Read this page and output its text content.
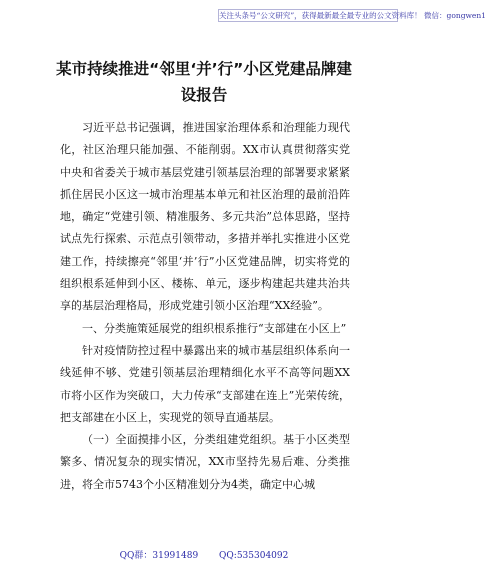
关注头条号“公文研究”，获得最新最全最专业的公文资料库！ 微信：gongwen1
某市持续推进“邻里‘并’行”小区党建品牌建设报告

习近平总书记强调，推进国家治理体系和治理能力现代化，社区治理只能加强、不能削弱。XX市认真贯彻落实党中央和省委关于城市基层党建引领基层治理的部署要求紧紧抓住居民小区这一城市治理基本单元和社区治理的最前沿阵地，确定“党建引领、精准服务、多元共治”总体思路，坚持试点先行探索、示范点引领带动，多措并举扎实推进小区党建工作，持续擦亮“邻里‘并’行”小区党建品牌，切实将党的组织根系延伸到小区、楼栋、单元，逐步构建起共建共治共享的基层治理格局，形成党建引领小区治理“XX经验”。

一、分类施策延展党的组织根系推行“支部建在小区上”

针对疫情防控过程中暴露出来的城市基层组织体系向一线延伸不够、党建引领基层治理精细化水平不高等问题XX市将小区作为突破口，大力传承“支部建在连上”光荣传统，把支部建在小区上，实现党的领导直通基层。

（一）全面摸排小区，分类组建党组织。基于小区类型繁多、情况复杂的现实情况，XX市坚持先易后难、分类推进，将全市5743个小区精准划分为4类，确定中心城

QQ群：31991489 QQ:535304092
